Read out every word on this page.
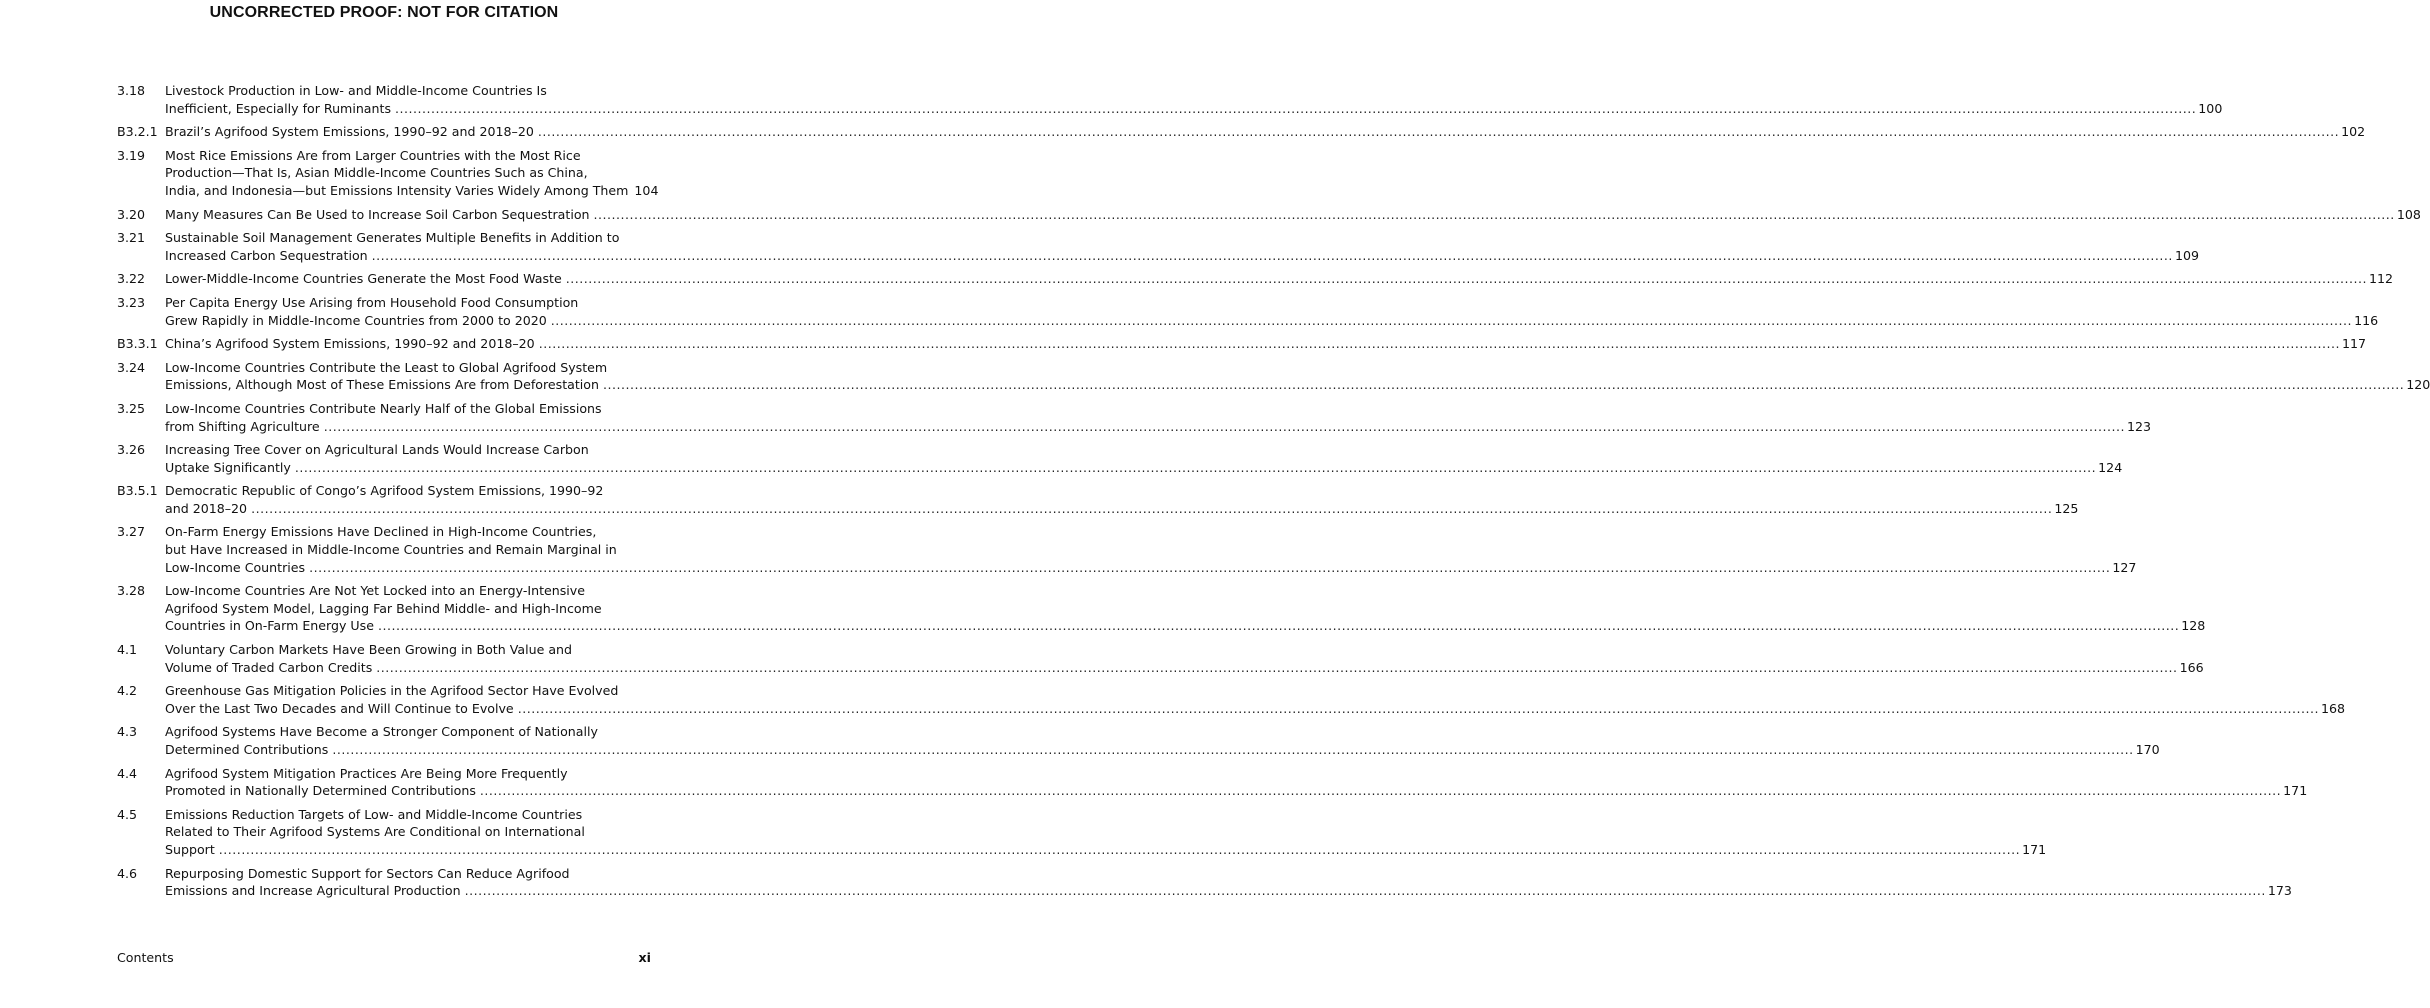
UNCORRECTED PROOF: NOT FOR CITATION
3.18	Livestock Production in Low- and Middle-Income Countries Is
Inefficient, Especially for Ruminants ................................................................................................................................................................................................................................................................................................................................................................................................................ 100
B3.2.1 Brazil’s Agrifood System Emissions, 1990–92 and 2018–20 ................................................................................................................................................................................................................................................................................................................................................................................................................ 102
3.19	Most Rice Emissions Are from Larger Countries with the Most Rice
Production—That Is, Asian Middle-Income Countries Such as China,
India, and Indonesia—but Emissions Intensity Varies Widely Among Them 104
3.20	Many Measures Can Be Used to Increase Soil Carbon Sequestration ................................................................................................................................................................................................................................................................................................................................................................................................................ 108
3.21	Sustainable Soil Management Generates Multiple Benefits in Addition to
Increased Carbon Sequestration ................................................................................................................................................................................................................................................................................................................................................................................................................ 109
3.22	Lower-Middle-Income Countries Generate the Most Food Waste ................................................................................................................................................................................................................................................................................................................................................................................................................ 112
3.23	Per Capita Energy Use Arising from Household Food Consumption
Grew Rapidly in Middle-Income Countries from 2000 to 2020 ................................................................................................................................................................................................................................................................................................................................................................................................................ 116
B3.3.1 China’s Agrifood System Emissions, 1990–92 and 2018–20 ................................................................................................................................................................................................................................................................................................................................................................................................................ 117
3.24	Low-Income Countries Contribute the Least to Global Agrifood System
Emissions, Although Most of These Emissions Are from Deforestation ................................................................................................................................................................................................................................................................................................................................................................................................................ 120
3.25	Low-Income Countries Contribute Nearly Half of the Global Emissions
from Shifting Agriculture ................................................................................................................................................................................................................................................................................................................................................................................................................ 123
3.26	Increasing Tree Cover on Agricultural Lands Would Increase Carbon
Uptake Significantly ................................................................................................................................................................................................................................................................................................................................................................................................................ 124
B3.5.1 Democratic Republic of Congo’s Agrifood System Emissions, 1990–92
and 2018–20 ................................................................................................................................................................................................................................................................................................................................................................................................................ 125
3.27	On-Farm Energy Emissions Have Declined in High-Income Countries,
but Have Increased in Middle-Income Countries and Remain Marginal in
Low-Income Countries ................................................................................................................................................................................................................................................................................................................................................................................................................ 127
3.28	Low-Income Countries Are Not Yet Locked into an Energy-Intensive
Agrifood System Model, Lagging Far Behind Middle- and High-Income
Countries in On-Farm Energy Use ................................................................................................................................................................................................................................................................................................................................................................................................................ 128
4.1	Voluntary Carbon Markets Have Been Growing in Both Value and
Volume of Traded Carbon Credits ................................................................................................................................................................................................................................................................................................................................................................................................................ 166
4.2	Greenhouse Gas Mitigation Policies in the Agrifood Sector Have Evolved
Over the Last Two Decades and Will Continue to Evolve ................................................................................................................................................................................................................................................................................................................................................................................................................ 168
4.3	Agrifood Systems Have Become a Stronger Component of Nationally
Determined Contributions ................................................................................................................................................................................................................................................................................................................................................................................................................ 170
4.4	Agrifood System Mitigation Practices Are Being More Frequently
Promoted in Nationally Determined Contributions ................................................................................................................................................................................................................................................................................................................................................................................................................ 171
4.5	Emissions Reduction Targets of Low- and Middle-Income Countries
Related to Their Agrifood Systems Are Conditional on International
Support ................................................................................................................................................................................................................................................................................................................................................................................................................ 171
4.6	Repurposing Domestic Support for Sectors Can Reduce Agrifood
Emissions and Increase Agricultural Production ................................................................................................................................................................................................................................................................................................................................................................................................................ 173
Contents	xi
